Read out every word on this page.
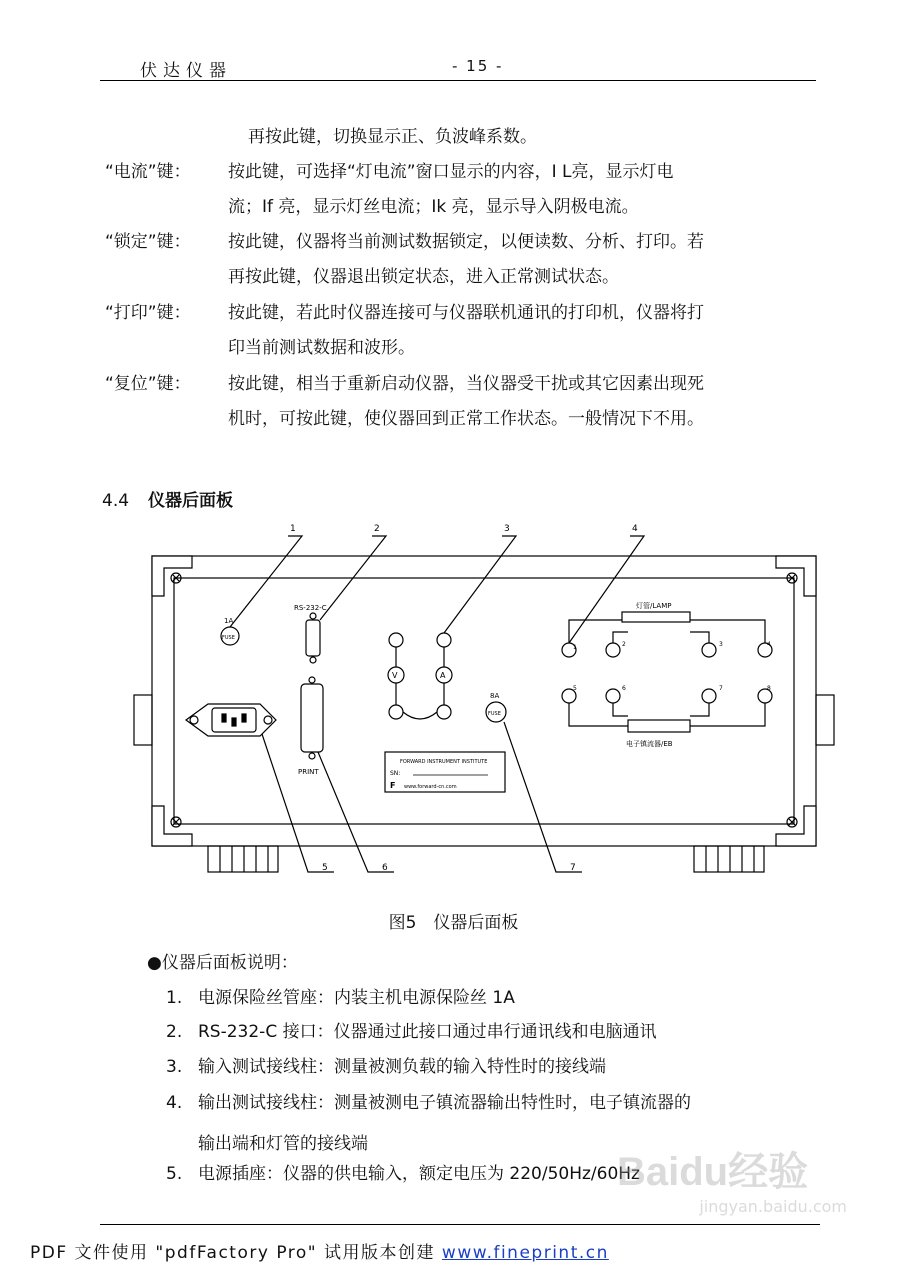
伏达仪器	- 15 -
再按此键，切换显示正、负波峰系数。
“电流”键： 按此键，可选择“灯电流”窗口显示的内容，I L亮，显示灯电
流；If 亮，显示灯丝电流；Ik 亮，显示导入阴极电流。
“锁定”键： 按此键，仪器将当前测试数据锁定，以便读数、分析、打印。若
再按此键，仪器退出锁定状态，进入正常测试状态。
“打印”键： 按此键，若此时仪器连接可与仪器联机通讯的打印机，仪器将打
印当前测试数据和波形。
“复位”键： 按此键，相当于重新启动仪器，当仪器受干扰或其它因素出现死
机时，可按此键，使仪器回到正常工作状态。一般情况下不用。
4.4 仪器后面板
1	2	3	4
5	6	7
1A
FUSE
8A
FUSE
RS-232-C
PRINT
V	A
灯管/LAMP
电子镇流器/EB
1	2	3	4
5	6	7	8
FORWARD INSTRUMENT INSTITUTE
SN:
www.forward-cn.com
F
图5　仪器后面板
●仪器后面板说明：
1. 电源保险丝管座：内装主机电源保险丝 1A
2. RS-232-C 接口：仪器通过此接口通过串行通讯线和电脑通讯
3. 输入测试接线柱：测量被测负载的输入特性时的接线端
4. 输出测试接线柱：测量被测电子镇流器输出特性时，电子镇流器的
输出端和灯管的接线端
5. 电源插座：仪器的供电输入，额定电压为 220/50Hz/60Hz
Baidu经验
jingyan.baidu.com
PDF 文件使用 "pdfFactory Pro" 试用版本创建 www.fineprint.cn
